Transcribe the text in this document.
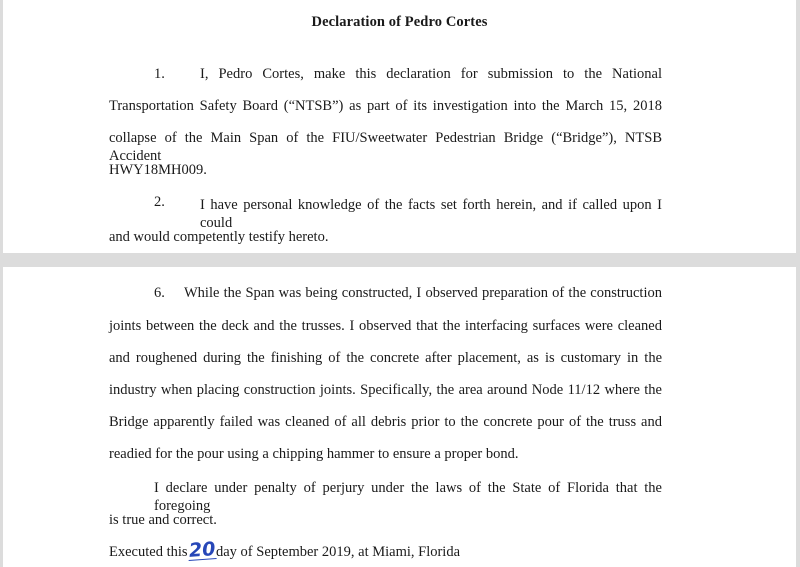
Declaration of Pedro Cortes
1. I, Pedro Cortes, make this declaration for submission to the National
Transportation Safety Board (“NTSB”) as part of its investigation into the March 15, 2018
collapse of the Main Span of the FIU/Sweetwater Pedestrian Bridge (“Bridge”), NTSB Accident
HWY18MH009.
2. I have personal knowledge of the facts set forth herein, and if called upon I could
and would competently testify hereto.
6. While the Span was being constructed, I observed preparation of the construction
joints between the deck and the trusses. I observed that the interfacing surfaces were cleaned
and roughened during the finishing of the concrete after placement, as is customary in the
industry when placing construction joints. Specifically, the area around Node 11/12 where the
Bridge apparently failed was cleaned of all debris prior to the concrete pour of the truss and
readied for the pour using a chipping hammer to ensure a proper bond.
I declare under penalty of perjury under the laws of the State of Florida that the foregoing
is true and correct.
Executed this20day of September 2019, at Miami, Florida
